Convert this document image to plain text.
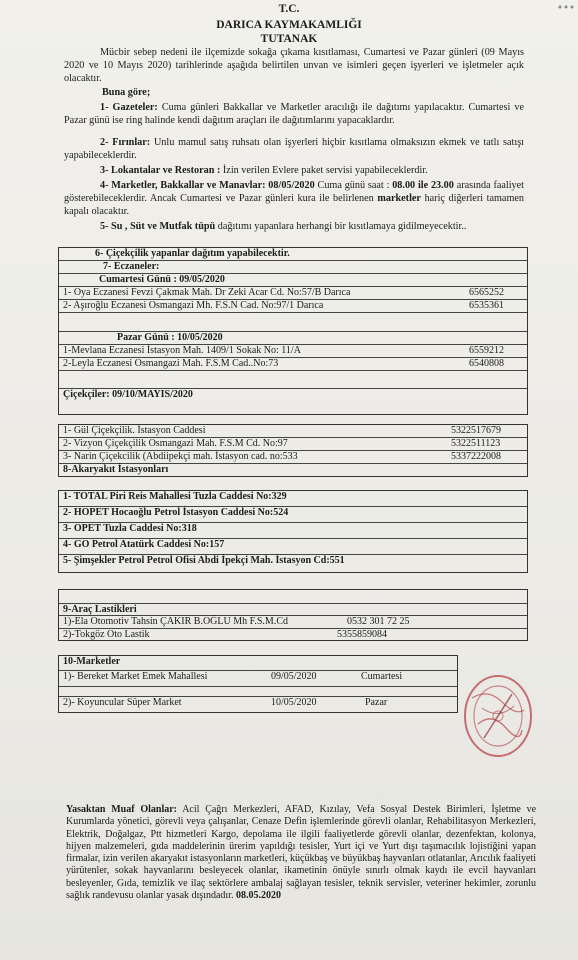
T.C.
DARICA KAYMAKAMLIĞI
TUTANAK
Mücbir sebep nedeni ile ilçemizde sokağa çıkama kısıtlaması, Cumartesi ve Pazar günleri (09 Mayıs 2020 ve 10 Mayıs 2020) tarihlerinde aşağıda belirtilen unvan ve isimleri geçen işyerleri ve işletmeler açık olacaktır.
Buna göre;
1- Gazeteler: Cuma günleri Bakkallar ve Marketler aracılığı ile dağıtımı yapılacaktır. Cumartesi ve Pazar günü ise ring halinde kendi dağıtım araçları ile dağıtımlarını yapacaklardır.
2- Fırınlar: Unlu mamul satış ruhsatı olan işyerleri hiçbir kısıtlama olmaksızın ekmek ve tatlı satışı yapabileceklerdir.
3- Lokantalar ve Restoran : İzin verilen Evlere paket servisi yapabileceklerdir.
4- Marketler, Bakkallar ve Manavlar: 08/05/2020 Cuma günü saat : 08.00 ile 23.00 arasında faaliyet gösterebileceklerdir. Ancak Cumartesi ve Pazar günleri kura ile belirlenen marketler hariç diğerleri tamamen kapalı olacaktır.
5- Su , Süt ve Mutfak tüpü dağıtımı yapanlara herhangi bir kısıtlamaya gidilmeyecektir..
6- Çiçekçilik yapanlar dağıtım yapabilecektir.
7- Eczaneler:
Cumartesi Günü : 09/05/2020
1- Oya Eczanesi Fevzi Çakmak Mah. Dr Zeki Acar Cd. No:57/B Darıca	6565252
2- Aşıroğlu Eczanesi Osmangazi Mh. F.S.N Cad. No:97/1 Darıca	6535361
Pazar Günü : 10/05/2020
1-Mevlana Eczanesi İstasyon Mah. 1409/1 Sokak No: 11/A	6559212
2-Leyla Eczanesi Osmangazi Mah. F.S.M Cad..No:73	6540808
Çiçekçiler: 09/10/MAYIS/2020
1- Gül Çiçekçilik. İstasyon Caddesi	5322517679
2- Vizyon Çiçekçilik Osmangazi Mah. F.S.M Cd. No:97	5322511123
3- Narin Çiçekcilik (Abdiipekçi mah. İstasyon cad. no:533	5337222008
8-Akaryakıt İstasyonları
1- TOTAL Piri Reis Mahallesi Tuzla Caddesi No:329
2- HOPET Hocaoğlu Petrol İstasyon Caddesi No:524
3- OPET Tuzla Caddesi No:318
4- GO Petrol Atatürk Caddesi No:157
5- Şimşekler Petrol Petrol Ofisi Abdi İpekçi Mah. İstasyon Cd:551
9-Araç Lastikleri
1)-Ela Otomotiv Tahsin ÇAKIR B.OĞLU Mh F.S.M.Cd	0532 301 72 25
2)-Tokgöz Oto Lastik	5355859084
10-Marketler
1)- Bereket Market Emek Mahallesi	09/05/2020	Cumartesi
2)- Koyuncular Süper Market	10/05/2020	Pazar
Yasaktan Muaf Olanlar: Acil Çağrı Merkezleri, AFAD, Kızılay, Vefa Sosyal Destek Birimleri, İşletme ve Kurumlarda yönetici, görevli veya çalışanlar, Cenaze Defin işlemlerinde görevli olanlar, Rehabilitasyon Merkezleri, Elektrik, Doğalgaz, Ptt hizmetleri Kargo, depolama ile ilgili faaliyetlerde görevli olanlar, dezenfektan, kolonya, hijyen malzemeleri, gıda maddelerinin ürerim yapıldığı tesisler, Yurt içi ve Yurt dışı taşımacılık lojistiğini yapan firmalar, izin verilen akaryakıt istasyonların marketleri, küçükbaş ve büyükbaş hayvanları otlatanlar, Arıcılık faaliyeti yürütenler, sokak hayvanlarını besleyecek olanlar, ikametinin önüyle sınırlı olmak kaydı ile evcil hayvanları besleyenler, Gıda, temizlik ve ilaç sektörlere ambalaj sağlayan tesisler, teknik servisler, veteriner hekimler, zorunlu sağlık randevusu olanlar yasak dışındadır. 08.05.2020
